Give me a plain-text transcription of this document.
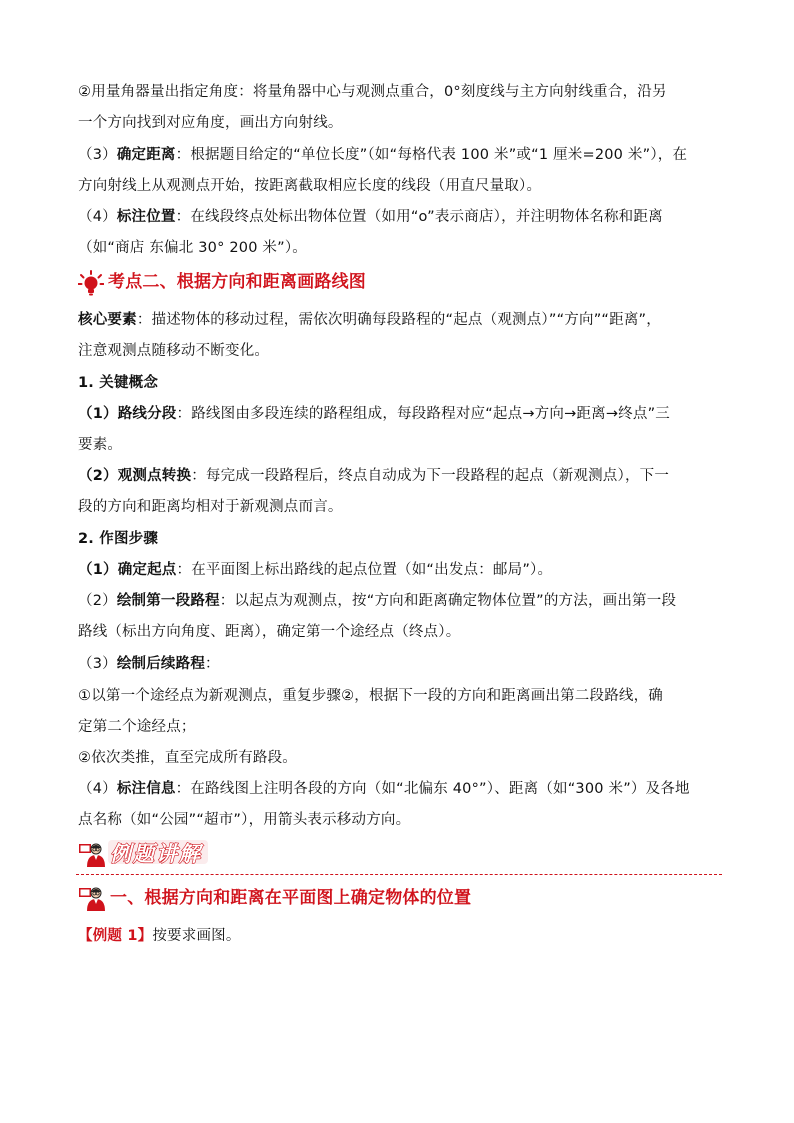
②用量角器量出指定角度：将量角器中心与观测点重合，0°刻度线与主方向射线重合，沿另
一个方向找到对应角度，画出方向射线。
（3）确定距离：根据题目给定的“单位长度”（如“每格代表 100 米”或“1 厘米=200 米”），在
方向射线上从观测点开始，按距离截取相应长度的线段（用直尺量取）。
（4）标注位置：在线段终点处标出物体位置（如用“o”表示商店），并注明物体名称和距离
（如“商店 东偏北 30° 200 米”）。
考点二、根据方向和距离画路线图
核心要素：描述物体的移动过程，需依次明确每段路程的“起点（观测点）”“方向”“距离”，
注意观测点随移动不断变化。
1. 关键概念
（1）路线分段：路线图由多段连续的路程组成，每段路程对应“起点→方向→距离→终点”三
要素。
（2）观测点转换：每完成一段路程后，终点自动成为下一段路程的起点（新观测点），下一
段的方向和距离均相对于新观测点而言。
2. 作图步骤
（1）确定起点：在平面图上标出路线的起点位置（如“出发点：邮局”）。
（2）绘制第一段路程：以起点为观测点，按“方向和距离确定物体位置”的方法，画出第一段
路线（标出方向角度、距离），确定第一个途经点（终点）。
（3）绘制后续路程：
①以第一个途经点为新观测点，重复步骤②，根据下一段的方向和距离画出第二段路线，确
定第二个途经点；
②依次类推，直至完成所有路段。
（4）标注信息：在路线图上注明各段的方向（如“北偏东 40°”）、距离（如“300 米”）及各地
点名称（如“公园”“超市”），用箭头表示移动方向。
例题讲解
一、根据方向和距离在平面图上确定物体的位置
【例题 1】按要求画图。
